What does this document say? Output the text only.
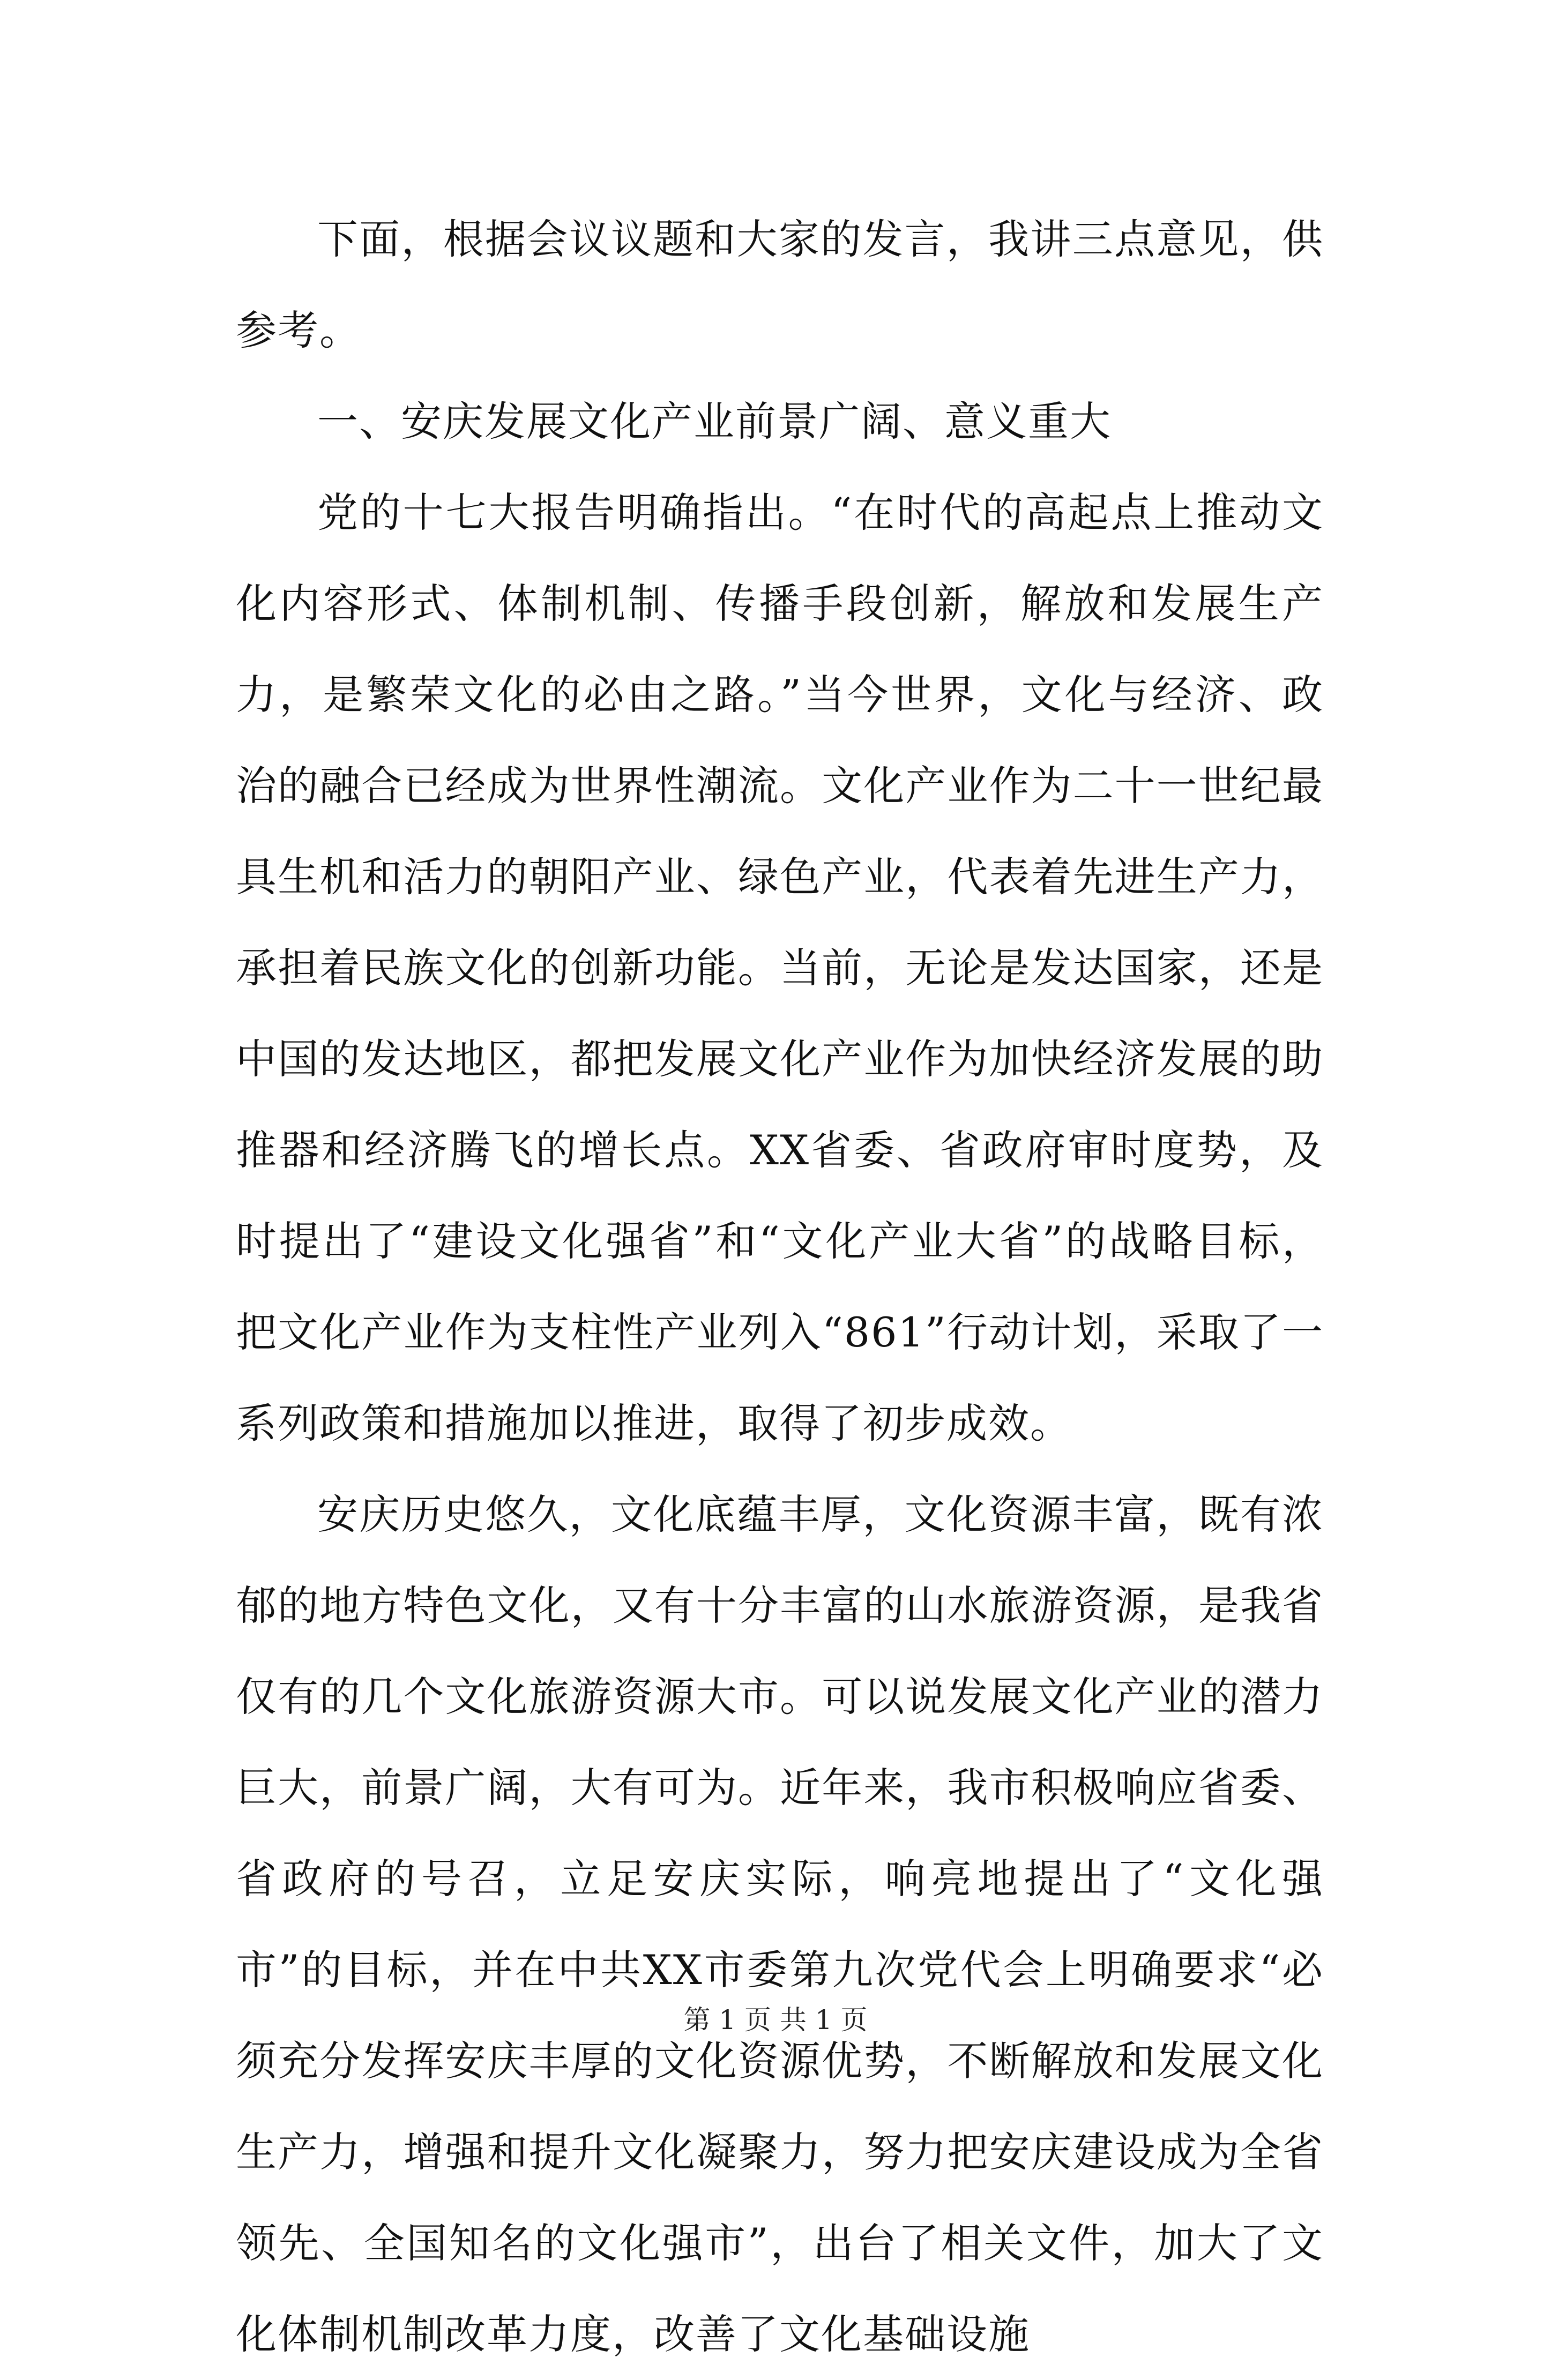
下面，根据会议议题和大家的发言，我讲三点意见，供参考。

一、安庆发展文化产业前景广阔、意义重大

党的十七大报告明确指出。“在时代的高起点上推动文化内容形式、体制机制、传播手段创新，解放和发展生产力，是繁荣文化的必由之路。”当今世界，文化与经济、政治的融合已经成为世界性潮流。文化产业作为二十一世纪最具生机和活力的朝阳产业、绿色产业，代表着先进生产力，承担着民族文化的创新功能。当前，无论是发达国家，还是中国的发达地区，都把发展文化产业作为加快经济发展的助推器和经济腾飞的增长点。XX省委、省政府审时度势，及时提出了“建设文化强省”和“文化产业大省”的战略目标，把文化产业作为支柱性产业列入“861”行动计划，采取了一系列政策和措施加以推进，取得了初步成效。

安庆历史悠久，文化底蕴丰厚，文化资源丰富，既有浓郁的地方特色文化，又有十分丰富的山水旅游资源，是我省仅有的几个文化旅游资源大市。可以说发展文化产业的潜力巨大，前景广阔，大有可为。近年来，我市积极响应省委、省政府的号召，立足安庆实际，响亮地提出了“文化强市”的目标，并在中共XX市委第九次党代会上明确要求“必须充分发挥安庆丰厚的文化资源优势，不断解放和发展文化生产力，增强和提升文化凝聚力，努力把安庆建设成为全省领先、全国知名的文化强市”，出台了相关文件，加大了文化体制机制改革力度，改善了文化基础设施

第 1 页 共 1 页
